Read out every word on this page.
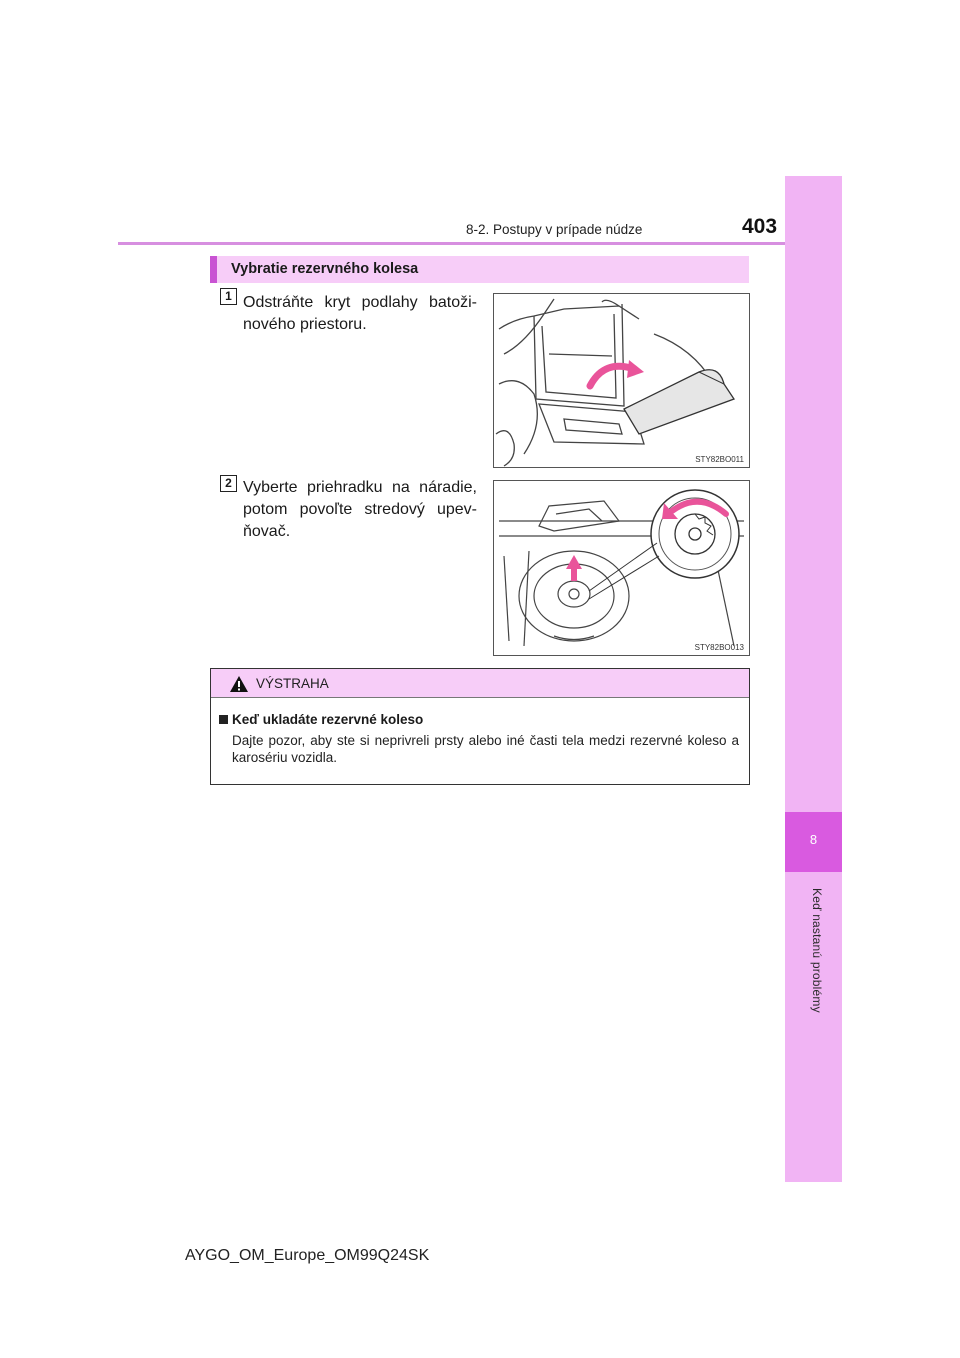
8
Keď nastanú problémy
8-2. Postupy v prípade núdze	403
Vybratie rezervného kolesa
1 Odstráňte kryt podlahy batoži-nového priestoru.
STY82BO011
2 Vyberte priehradku na náradie, potom povoľte stredový upev-ňovač.
STY82BO013
VÝSTRAHA
Keď ukladáte rezervné koleso
Dajte pozor, aby ste si neprivreli prsty alebo iné časti tela medzi rezervné koleso a karosériu vozidla.
AYGO_OM_Europe_OM99Q24SK
